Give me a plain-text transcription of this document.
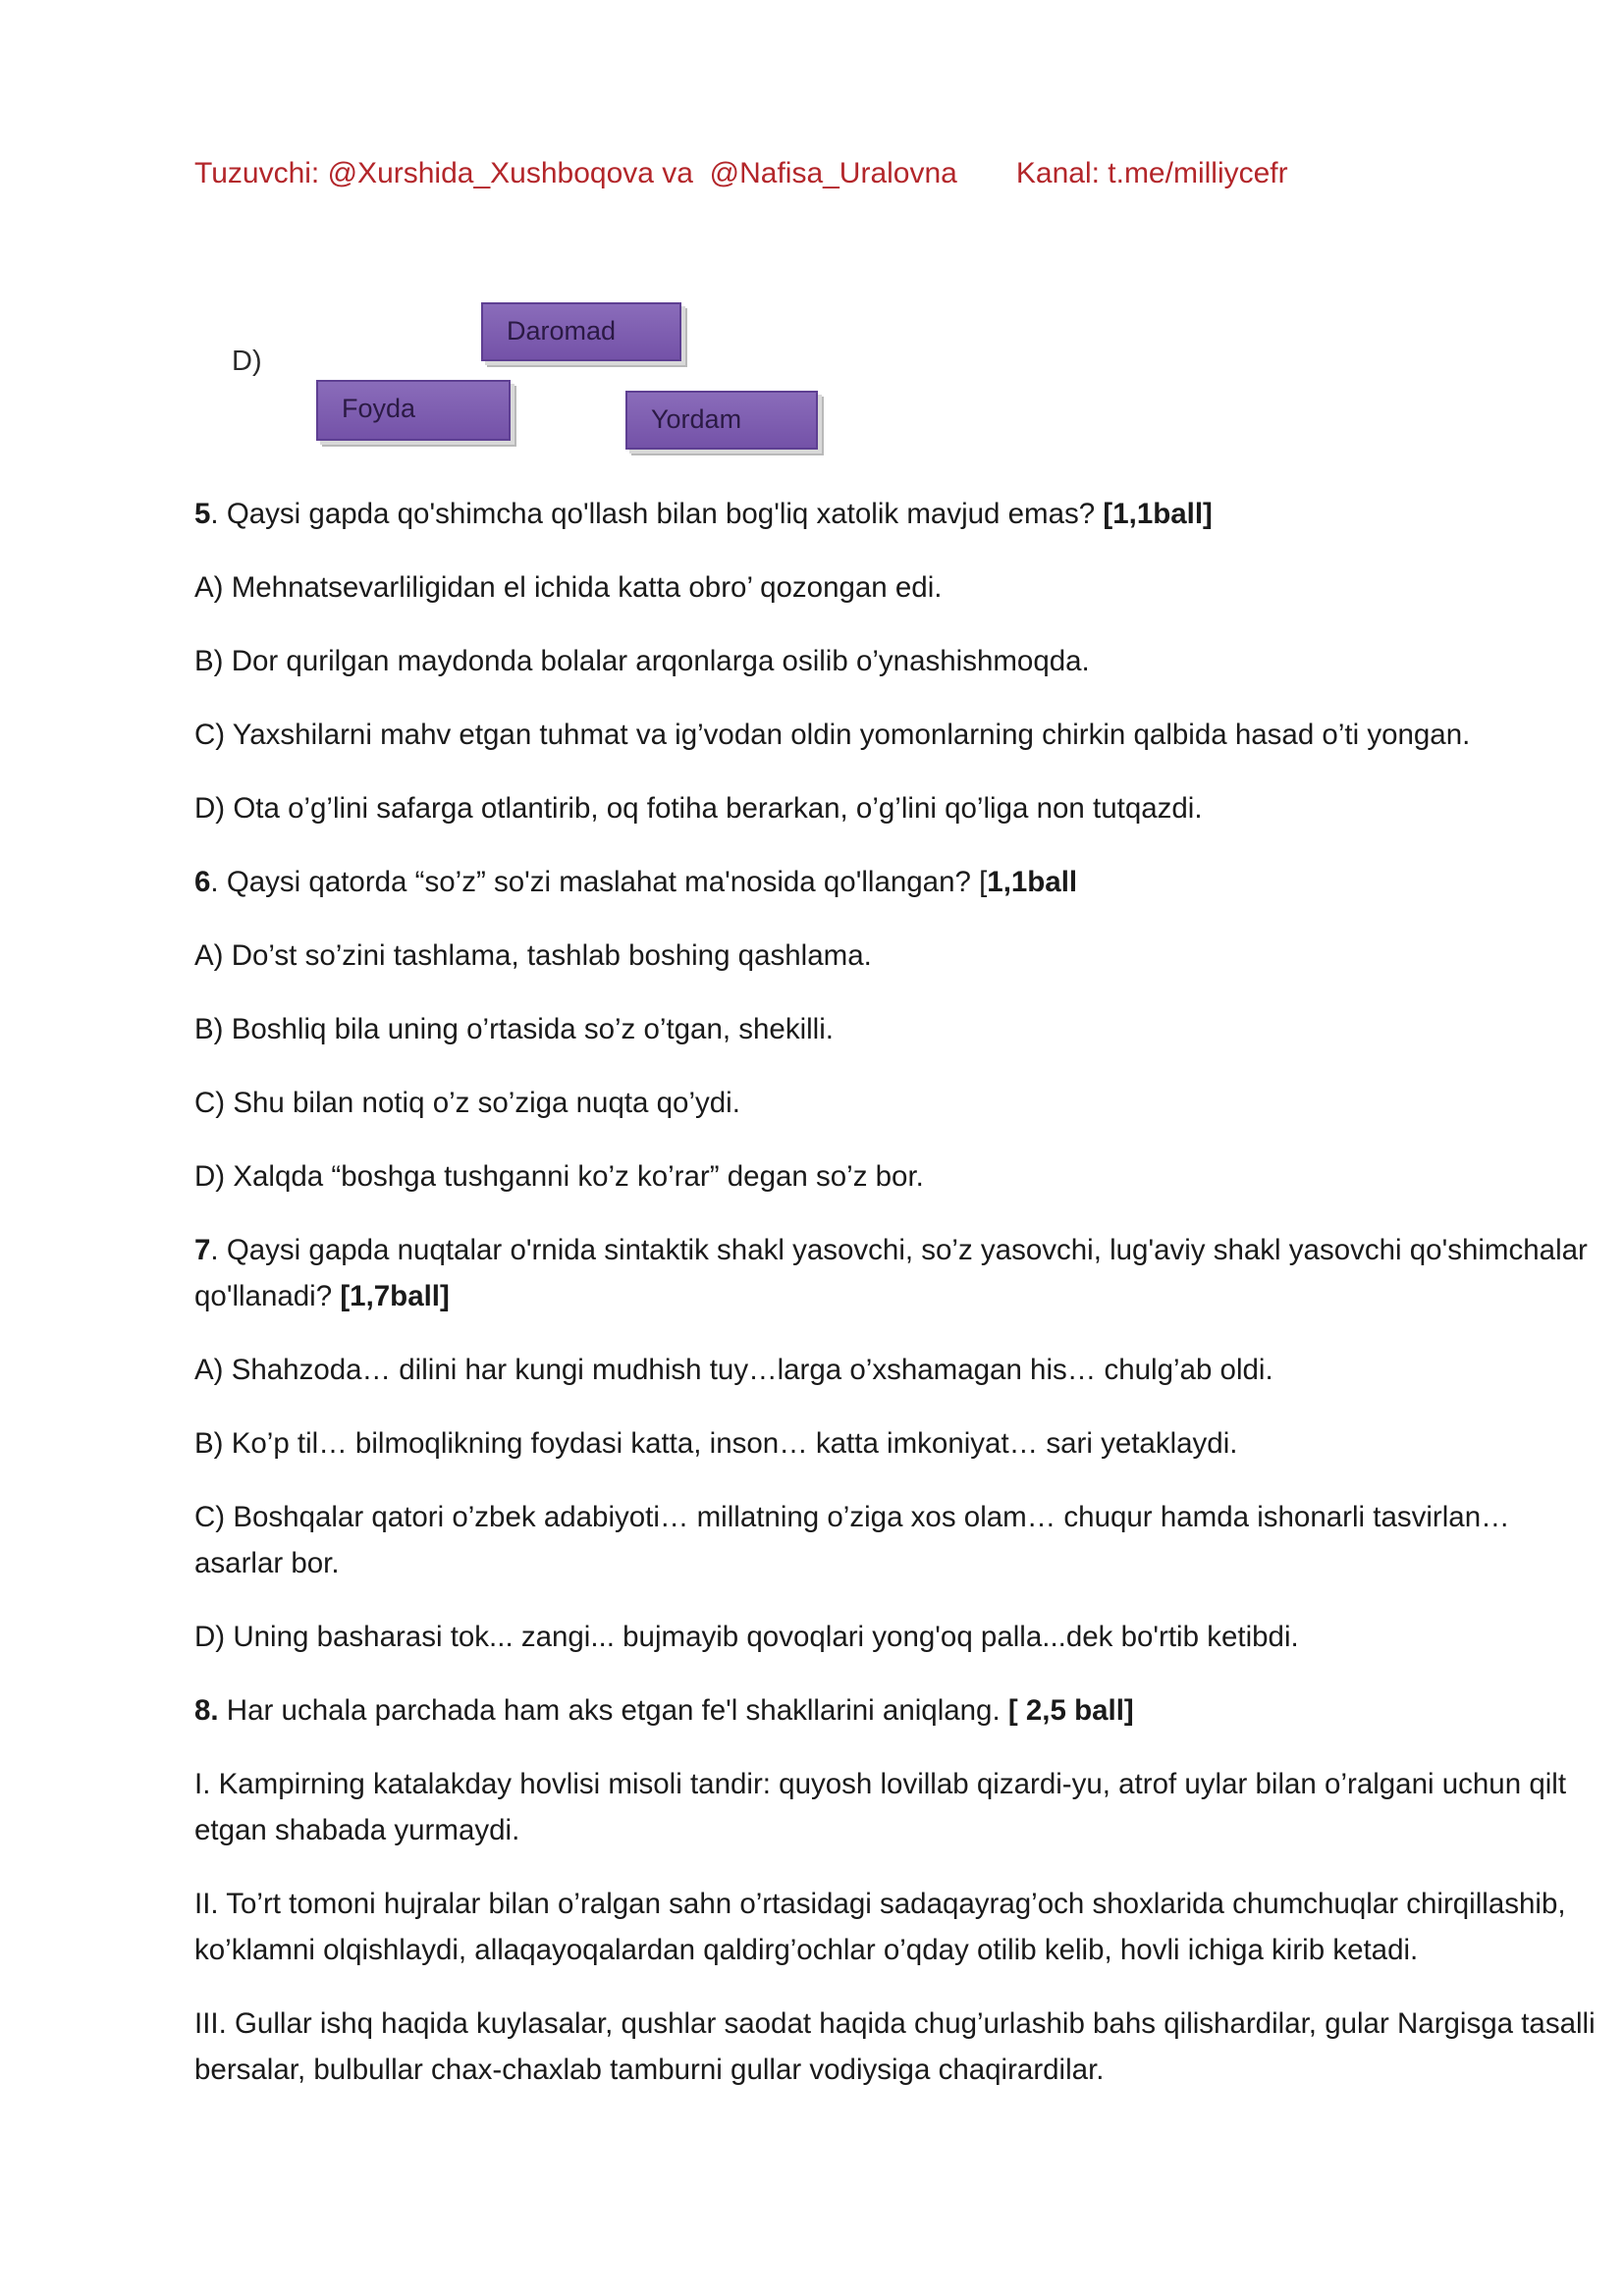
Tuzuvchi: @Xurshida_Xushboqova va  @Nafisa_Uralovna Kanal: t.me/milliycefr
D)
Daromad
Foyda	Yordam

5. Qaysi gapda qo'shimcha qo'llash bilan bog'liq xatolik mavjud emas? [1,1ball]

A) Mehnatsevarliligidan el ichida katta obro’ qozongan edi.

B) Dor qurilgan maydonda bolalar arqonlarga osilib o’ynashishmoqda.

C) Yaxshilarni mahv etgan tuhmat va ig’vodan oldin yomonlarning chirkin qalbida hasad o’ti yongan.

D) Ota o’g’lini safarga otlantirib, oq fotiha berarkan, o’g’lini qo’liga non tutqazdi.

6. Qaysi qatorda “so’z” so'zi maslahat ma'nosida qo'llangan? [1,1ball

A) Do’st so’zini tashlama, tashlab boshing qashlama.

B) Boshliq bila uning o’rtasida so’z o’tgan, shekilli.

C) Shu bilan notiq o’z so’ziga nuqta qo’ydi.

D) Xalqda “boshga tushganni ko’z ko’rar” degan so’z bor.

7. Qaysi gapda nuqtalar o'rnida sintaktik shakl yasovchi, so’z yasovchi, lug'aviy shakl yasovchi qo'shimchalar qo'llanadi? [1,7ball]

A) Shahzoda… dilini har kungi mudhish tuy…larga o’xshamagan his… chulg’ab oldi.

B) Ko’p til… bilmoqlikning foydasi katta, inson… katta imkoniyat… sari yetaklaydi.

C) Boshqalar qatori o’zbek adabiyoti… millatning o’ziga xos olam… chuqur hamda ishonarli tasvirlan… asarlar bor.

D) Uning basharasi tok... zangi... bujmayib qovoqlari yong'oq palla...dek bo'rtib ketibdi.

8. Har uchala parchada ham aks etgan fe'l shakllarini aniqlang. [ 2,5 ball]

I. Kampirning katalakday hovlisi misoli tandir: quyosh lovillab qizardi-yu, atrof uylar bilan o’ralgani uchun qilt etgan shabada yurmaydi.

II. To’rt tomoni hujralar bilan o’ralgan sahn o’rtasidagi sadaqayrag’och shoxlarida chumchuqlar chirqillashib, ko’klamni olqishlaydi, allaqayoqalardan qaldirg’ochlar o’qday otilib kelib, hovli ichiga kirib ketadi.

III. Gullar ishq haqida kuylasalar, qushlar saodat haqida chug’urlashib bahs qilishardilar, gular Nargisga tasalli bersalar, bulbullar chax-chaxlab tamburni gullar vodiysiga chaqirardilar.
